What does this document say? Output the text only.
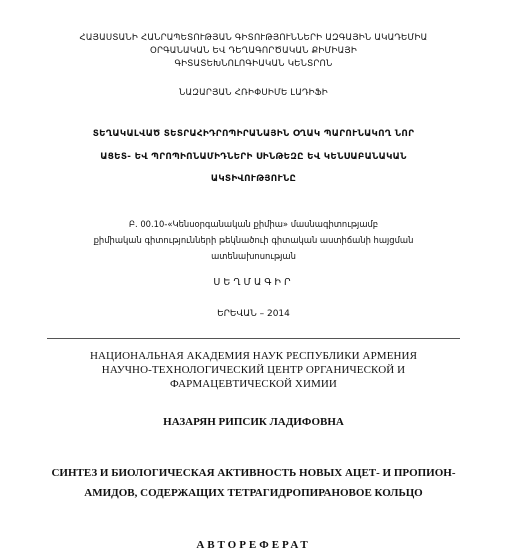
ՀԱՅԱՍՏԱՆԻ ՀԱՆՐԱՊԵՏՈՒԹՅԱՆ ԳԻՏՈՒԹՅՈՒՆՆԵՐԻ ԱԶԳԱՅԻՆ ԱԿԱԴԵՄԻԱ
ՕՐԳԱՆԱԿԱՆ ԵՎ ԴԵՂԱԳՈՐԾԱԿԱՆ ՔԻՄԻԱՅԻ
ԳԻՏԱՏԵԽՆՈԼՈԳԻԱԿԱՆ ԿԵՆՏՐՈՆ
ՆԱԶԱՐՅԱՆ ՀՌԻՓՍԻՄԵ ԼԱԴԻՖԻ
ՏԵՂԱԿԱԼՎԱԾ ՏԵՏՐԱՀԻԴՐՈՊԻՐԱՆԱՅԻՆ ՕՂԱԿ ՊԱՐՈՒՆԱԿՈՂ ՆՈՐ
ԱՑԵՏ- ԵՎ ՊՐՈՊԻՈՆԱՄԻԴՆԵՐԻ ՍԻՆԹԵԶԸ ԵՎ ԿԵՆՍԱԲԱՆԱԿԱՆ
ԱԿՏԻՎՈՒԹՅՈՒՆԸ
Բ. 00.10-«Կենսօրգանական քիմիա» մասնագիտությամբ
քիմիական գիտությունների թեկնածուի գիտական աստիճանի հայցման
ատենախոսության
ՍԵՂՄԱԳԻՐ
ԵՐԵՎԱՆ – 2014
НАЦИОНАЛЬНАЯ АКАДЕМИЯ НАУК РЕСПУБЛИКИ АРМЕНИЯ
НАУЧНО-ТЕХНОЛОГИЧЕСКИЙ ЦЕНТР ОРГАНИЧЕСКОЙ И
ФАРМАЦЕВТИЧЕСКОЙ ХИМИИ
НАЗАРЯН РИПСИК ЛАДИФОВНА
СИНТЕЗ И БИОЛОГИЧЕСКАЯ АКТИВНОСТЬ НОВЫХ АЦЕТ- И ПРОПИОН-
АМИДОВ, СОДЕРЖАЩИХ ТЕТРАГИДРОПИРАНОВОЕ КОЛЬЦО
АВТОРЕФЕРАТ
